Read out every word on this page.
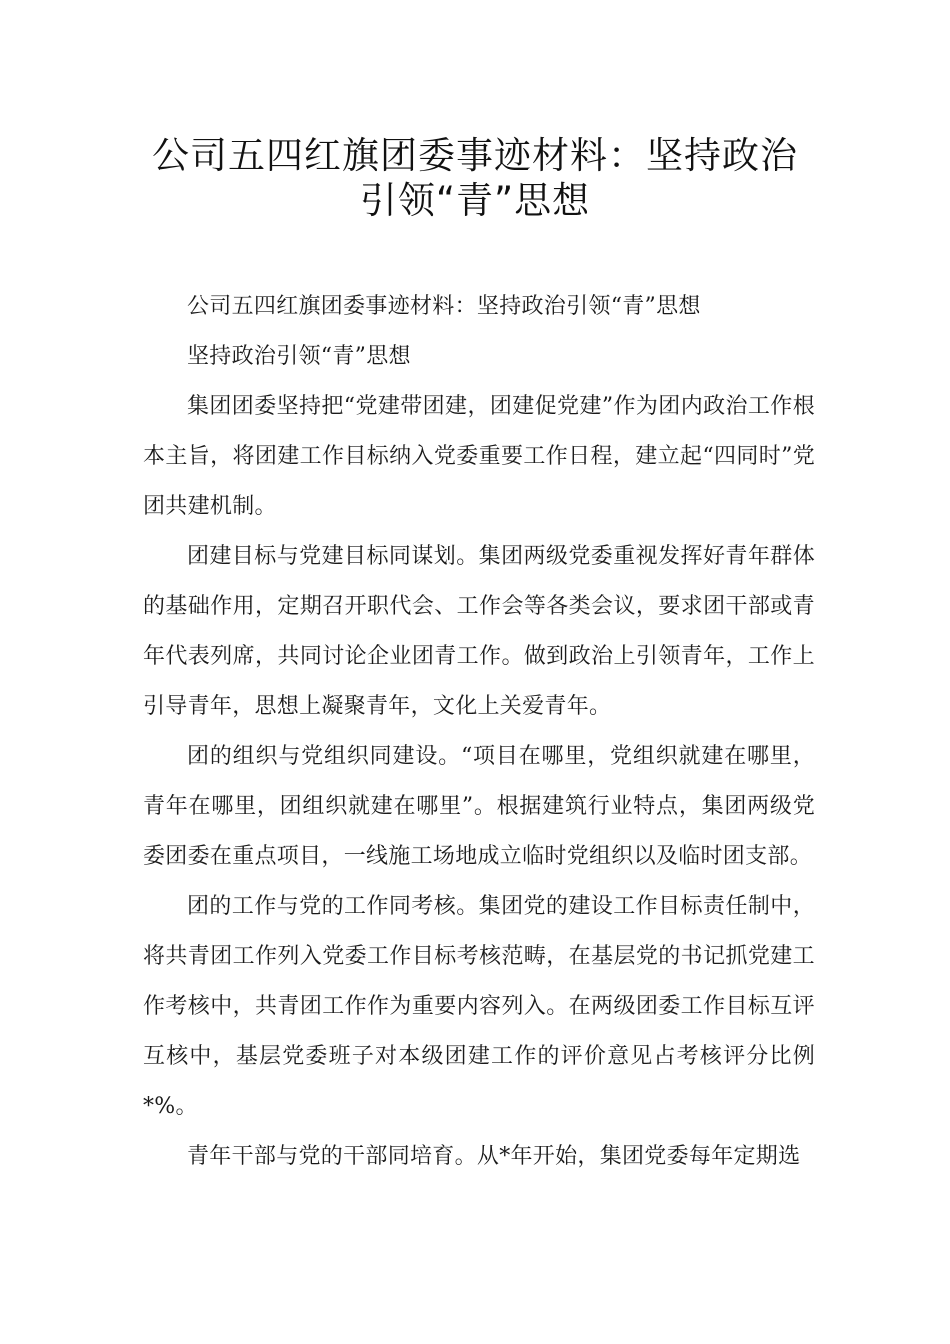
公司五四红旗团委事迹材料：坚持政治
引领“青”思想

公司五四红旗团委事迹材料：坚持政治引领“青”思想

坚持政治引领“青”思想

集团团委坚持把“党建带团建，团建促党建”作为团内政治工作根本主旨，将团建工作目标纳入党委重要工作日程，建立起“四同时”党团共建机制。

团建目标与党建目标同谋划。集团两级党委重视发挥好青年群体的基础作用，定期召开职代会、工作会等各类会议，要求团干部或青年代表列席，共同讨论企业团青工作。做到政治上引领青年，工作上引导青年，思想上凝聚青年，文化上关爱青年。

团的组织与党组织同建设。“项目在哪里，党组织就建在哪里，青年在哪里，团组织就建在哪里”。根据建筑行业特点，集团两级党委团委在重点项目，一线施工场地成立临时党组织以及临时团支部。

团的工作与党的工作同考核。集团党的建设工作目标责任制中，将共青团工作列入党委工作目标考核范畴，在基层党的书记抓党建工作考核中，共青团工作作为重要内容列入。在两级团委工作目标互评互核中，基层党委班子对本级团建工作的评价意见占考核评分比例*%。

青年干部与党的干部同培育。从*年开始，集团党委每年定期选
